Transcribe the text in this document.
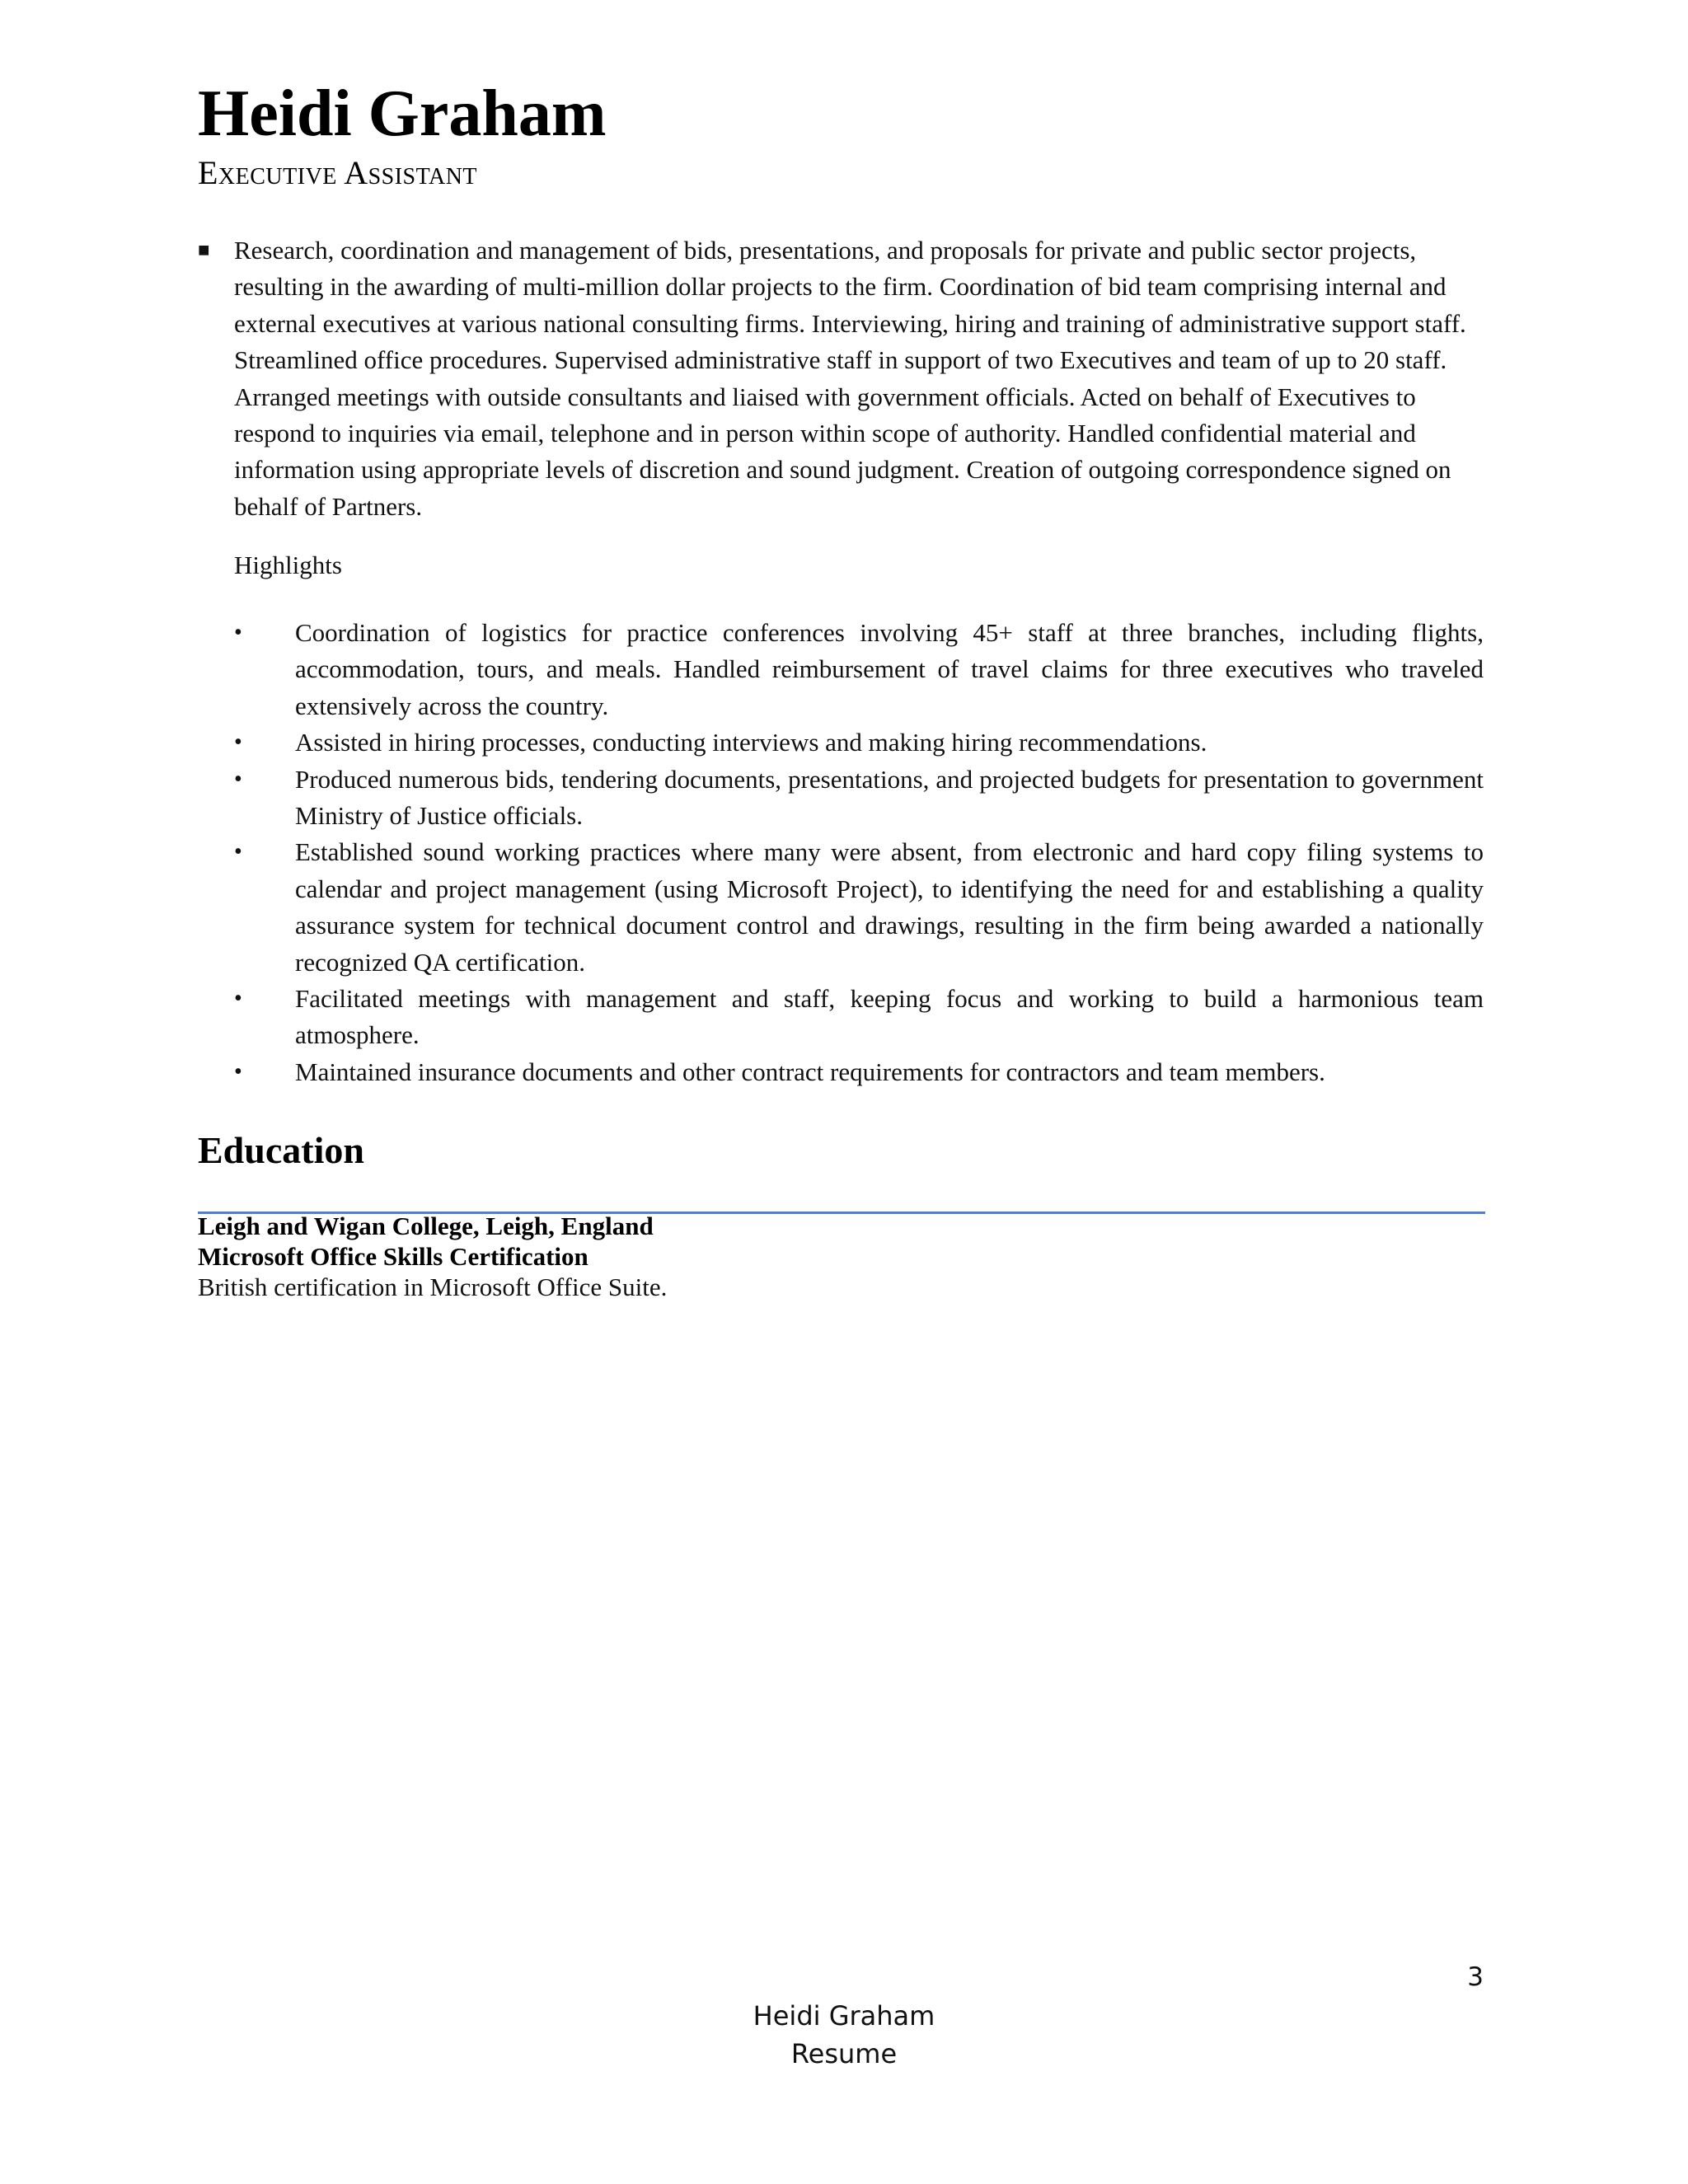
Heidi Graham

Executive Assistant

■ Research, coordination and management of bids, presentations, and proposals for private and public sector projects, resulting in the awarding of multi-million dollar projects to the firm. Coordination of bid team comprising internal and external executives at various national consulting firms. Interviewing, hiring and training of administrative support staff. Streamlined office procedures. Supervised administrative staff in support of two Executives and team of up to 20 staff. Arranged meetings with outside consultants and liaised with government officials. Acted on behalf of Executives to respond to inquiries via email, telephone and in person within scope of authority. Handled confidential material and information using appropriate levels of discretion and sound judgment. Creation of outgoing correspondence signed on behalf of Partners.

Highlights

•	Coordination of logistics for practice conferences involving 45+ staff at three branches, including flights, accommodation, tours, and meals. Handled reimbursement of travel claims for three executives who traveled extensively across the country.
•	Assisted in hiring processes, conducting interviews and making hiring recommendations.
•	Produced numerous bids, tendering documents, presentations, and projected budgets for presentation to government Ministry of Justice officials.
•	Established sound working practices where many were absent, from electronic and hard copy filing systems to calendar and project management (using Microsoft Project), to identifying the need for and establishing a quality assurance system for technical document control and drawings, resulting in the firm being awarded a nationally recognized QA certification.
•	Facilitated meetings with management and staff, keeping focus and working to build a harmonious team atmosphere.
•	Maintained insurance documents and other contract requirements for contractors and team members.
Education

Leigh and Wigan College, Leigh, England

Microsoft Office Skills Certification

British certification in Microsoft Office Suite.

3

Heidi Graham

Resume
